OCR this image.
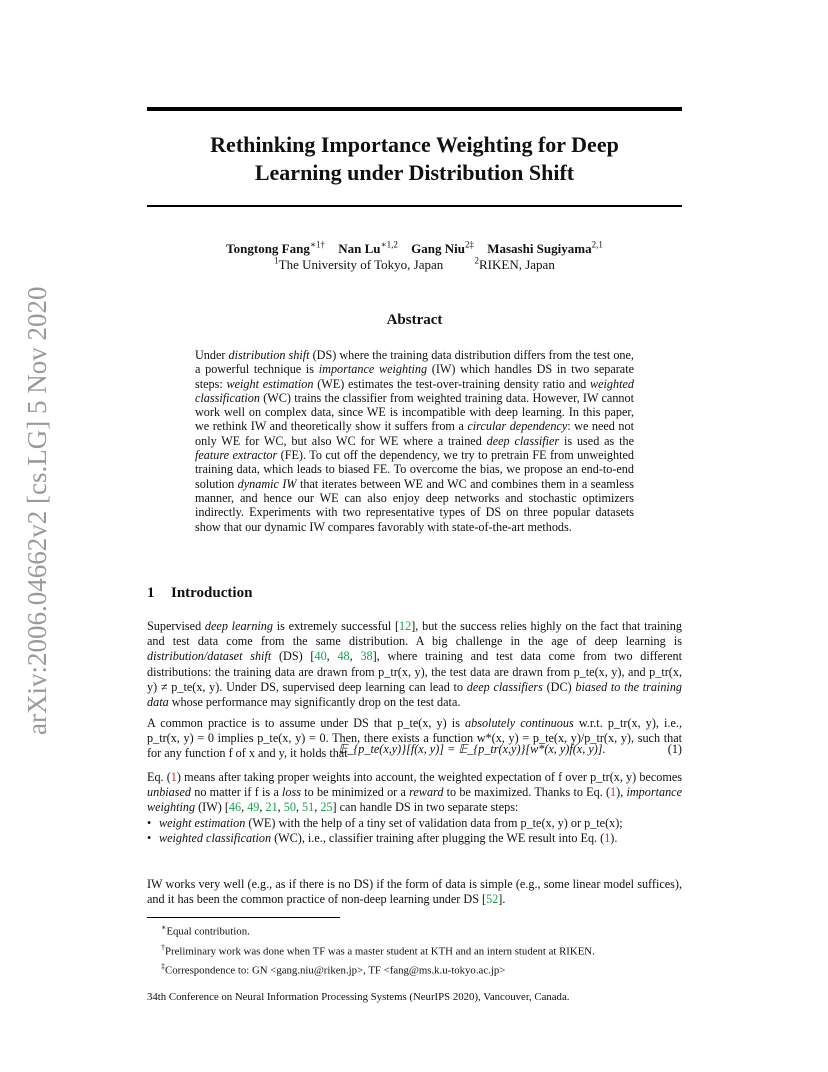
arXiv:2006.04662v2 [cs.LG] 5 Nov 2020
Rethinking Importance Weighting for Deep
Learning under Distribution Shift
Tongtong Fang$^{∗1\dagger}$ Nan $Lu^{∗1,2}$ Gang Niu$^{2\ddagger}$ Masashi Sugiyama$^{2,1}$
$^1$The University of Tokyo, Japan	$^2$RIKEN, Japan
Abstract
Under distribution shift (DS) where the training data distribution differs from the test one, a powerful technique is importance weighting (IW) which handles DS in two separate steps: weight estimation (WE) estimates the test-over-training density ratio and weighted classification (WC) trains the classifier from weighted training data. However, IW cannot work well on complex data, since WE is incompatible with deep learning. In this paper, we rethink IW and theoretically show it suffers from a circular dependency: we need not only WE for WC, but also WC for WE where a trained deep classifier is used as the feature extractor (FE). To cut off the dependency, we try to pretrain FE from unweighted training data, which leads to biased FE. To overcome the bias, we propose an end-to-end solution dynamic IW that iterates between WE and WC and combines them in a seamless manner, and hence our WE can also enjoy deep networks and stochastic optimizers indirectly. Experiments with two representative types of DS on three popular datasets show that our dynamic IW compares favorably with state-of-the-art methods.
1 Introduction
Supervised deep learning is extremely successful [12], but the success relies highly on the fact that training and test data come from the same distribution. A big challenge in the age of deep learning is distribution/dataset shift (DS) [40, 48, 38], where training and test data come from two different distributions: the training data are drawn from p_tr(x, y), the test data are drawn from p_te(x, y), and p_tr(x, y) ≠ p_te(x, y). Under DS, supervised deep learning can lead to deep classifiers (DC) biased to the training data whose performance may significantly drop on the test data.
A common practice is to assume under DS that p_te(x, y) is absolutely continuous w.r.t. p_tr(x, y), i.e., p_tr(x, y) = 0 implies p_te(x, y) = 0. Then, there exists a function w*(x, y) = p_te(x, y)/p_tr(x, y), such that for any function f of x and y, it holds that
𝔼_{p_te(x,y)}[f(x, y)] = 𝔼_{p_tr(x,y)}[w*(x, y)f(x, y)].	(1)
Eq. (1) means after taking proper weights into account, the weighted expectation of f over p_tr(x, y) becomes unbiased no matter if f is a loss to be minimized or a reward to be maximized. Thanks to Eq. (1), importance weighting (IW) [46, 49, 21, 50, 51, 25] can handle DS in two separate steps:
• weight estimation (WE) with the help of a tiny set of validation data from p_te(x, y) or p_te(x);
• weighted classification (WC), i.e., classifier training after plugging the WE result into Eq. (1).
IW works very well (e.g., as if there is no DS) if the form of data is simple (e.g., some linear model suffices), and it has been the common practice of non-deep learning under DS [52].
∗Equal contribution.
†Preliminary work was done when TF was a master student at KTH and an intern student at RIKEN.
‡Correspondence to: GN <gang.niu@riken.jp>, TF <fang@ms.k.u-tokyo.ac.jp>
34th Conference on Neural Information Processing Systems (NeurIPS 2020), Vancouver, Canada.
